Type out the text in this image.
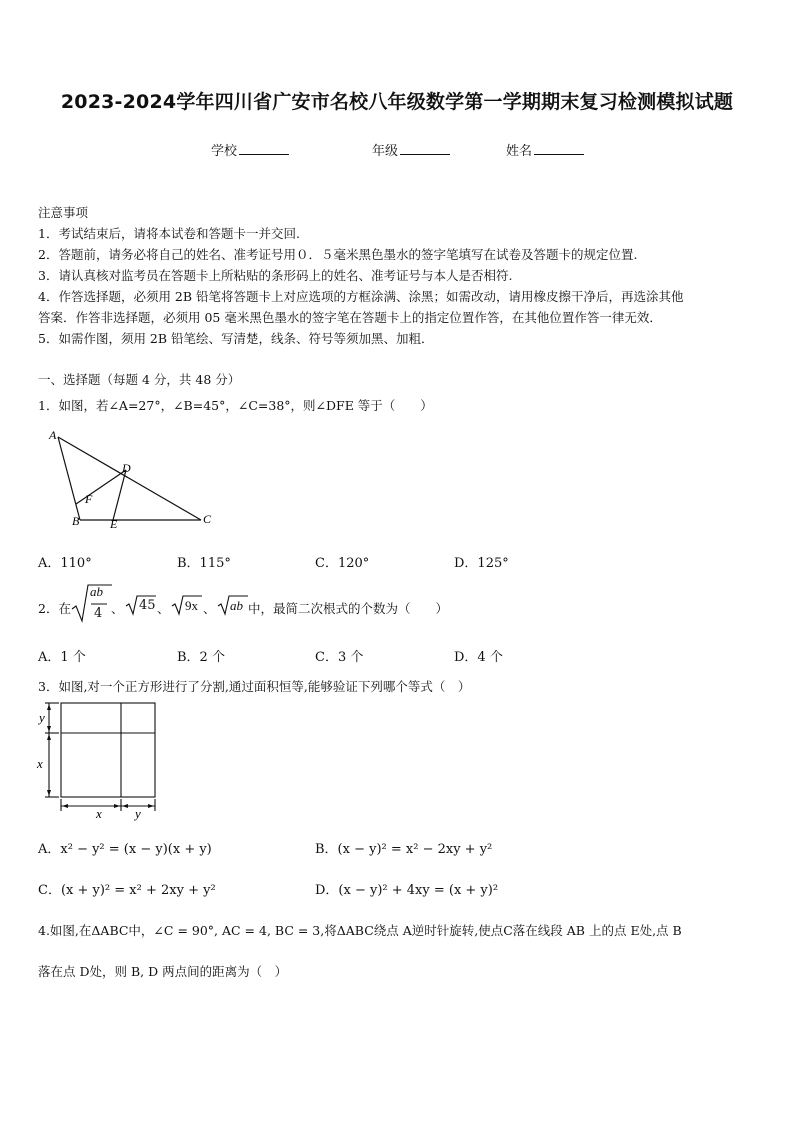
2023-2024学年四川省广安市名校八年级数学第一学期期末复习检测模拟试题
学校	年级	姓名
注意事项
1．考试结束后，请将本试卷和答题卡一并交回.
2．答题前，请务必将自己的姓名、准考证号用０．５毫米黑色墨水的签字笔填写在试卷及答题卡的规定位置.
3．请认真核对监考员在答题卡上所粘贴的条形码上的姓名、准考证号与本人是否相符.
4．作答选择题，必须用 2B 铅笔将答题卡上对应选项的方框涂满、涂黑；如需改动，请用橡皮擦干净后，再选涂其他
答案．作答非选择题，必须用 05 毫米黑色墨水的签字笔在答题卡上的指定位置作答，在其他位置作答一律无效．
5．如需作图，须用 2B 铅笔绘、写清楚，线条、符号等须加黑、加粗．
一、选择题（每题 4 分，共 48 分）
1．如图，若∠A=27°，∠B=45°，∠C=38°，则∠DFE 等于（　　）
A
D
F
B	E	C
A．110°	B．115°	C．120°	D．125°
2．在
ab
4 、 45 、 9x 、 ab 中，最简二次根式的个数为（　　）
A．1 个	B．2 个	C．3 个	D．4 个
3．如图,对一个正方形进行了分割,通过面积恒等,能够验证下列哪个等式（　）
y
x
x	y
A．x² − y² = (x − y)(x + y)	B．(x − y)² = x² − 2xy + y²
C．(x + y)² = x² + 2xy + y²	D．(x − y)² + 4xy = (x + y)²
4.如图,在ΔABC中，∠C = 90°, AC = 4, BC = 3,将ΔABC绕点 A逆时针旋转,使点C落在线段 AB 上的点 E处,点 B
落在点 D处，则 B, D 两点间的距离为（　）
